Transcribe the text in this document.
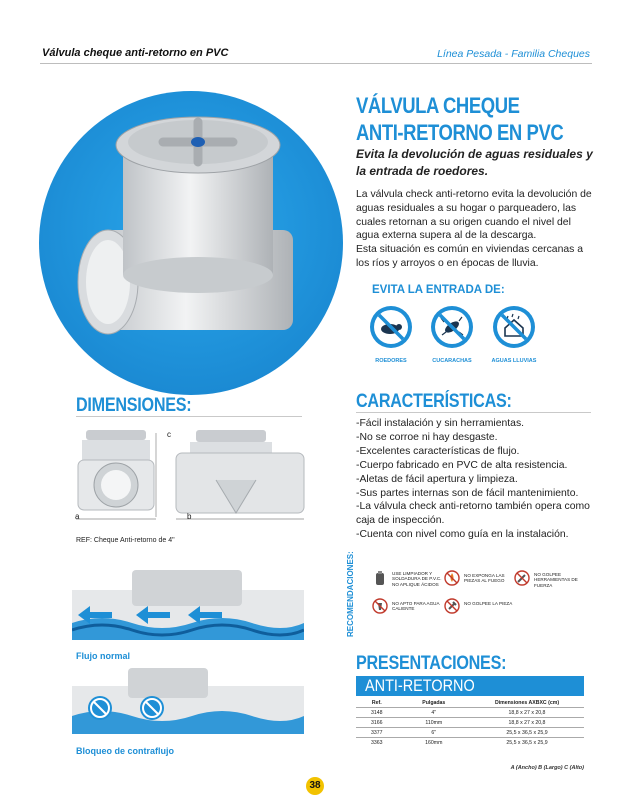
Válvula cheque anti-retorno en PVC	Línea Pesada - Familia Cheques
VÁLVULA CHEQUE
ANTI-RETORNO EN PVC
Evita la devolución de aguas residuales y la entrada de roedores.
La válvula check anti-retorno evita la devolución de aguas residuales a su hogar o parqueadero, las cuales retornan a su origen cuando el nivel del agua externa supera al de la descarga.
Esta situación es común en viviendas cercanas a los ríos y arroyos o en épocas de lluvia.
EVITA LA ENTRADA DE:
ROEDORES	CUCARACHAS	AGUAS LLUVIAS
DIMENSIONES:
a	b
c
REF: Cheque Anti-retorno de 4"
Flujo normal
Bloqueo de contraflujo
CARACTERÍSTICAS:
-Fácil instalación y sin herramientas.
-No se corroe ni hay desgaste.
-Excelentes características de flujo.
-Cuerpo fabricado en PVC de alta resistencia.
-Aletas de fácil apertura y limpieza.
-Sus partes internas son de fácil mantenimiento.
-La válvula check anti-retorno también opera como caja de inspección.
-Cuenta con nivel como guía en la instalación.
RECOMENDACIONES:	USE LIMPIADOR Y SOLDADURA DE P.V.C. NO APLIQUE ÁCIDOS
NO EXPONGA LAS PIEZAS AL FUEGO
NO GOLPEE HERRAMIENTAS DE FUERZA
NO APTO PARA AGUA CALIENTE
NO GOLPEE LA PIEZA
PRESENTACIONES:
ANTI-RETORNO
Ref.	Pulgadas	Dimensiones AXBXC (cm)
3148	4"	18,8 x 27 x 20,8
3166	110mm	18,8 x 27 x 20,8
3377	6"	25,5 x 36,5 x 25,9
3363	160mm	25,5 x 36,5 x 25,9
A (Ancho) B (Largo) C (Alto)
38
